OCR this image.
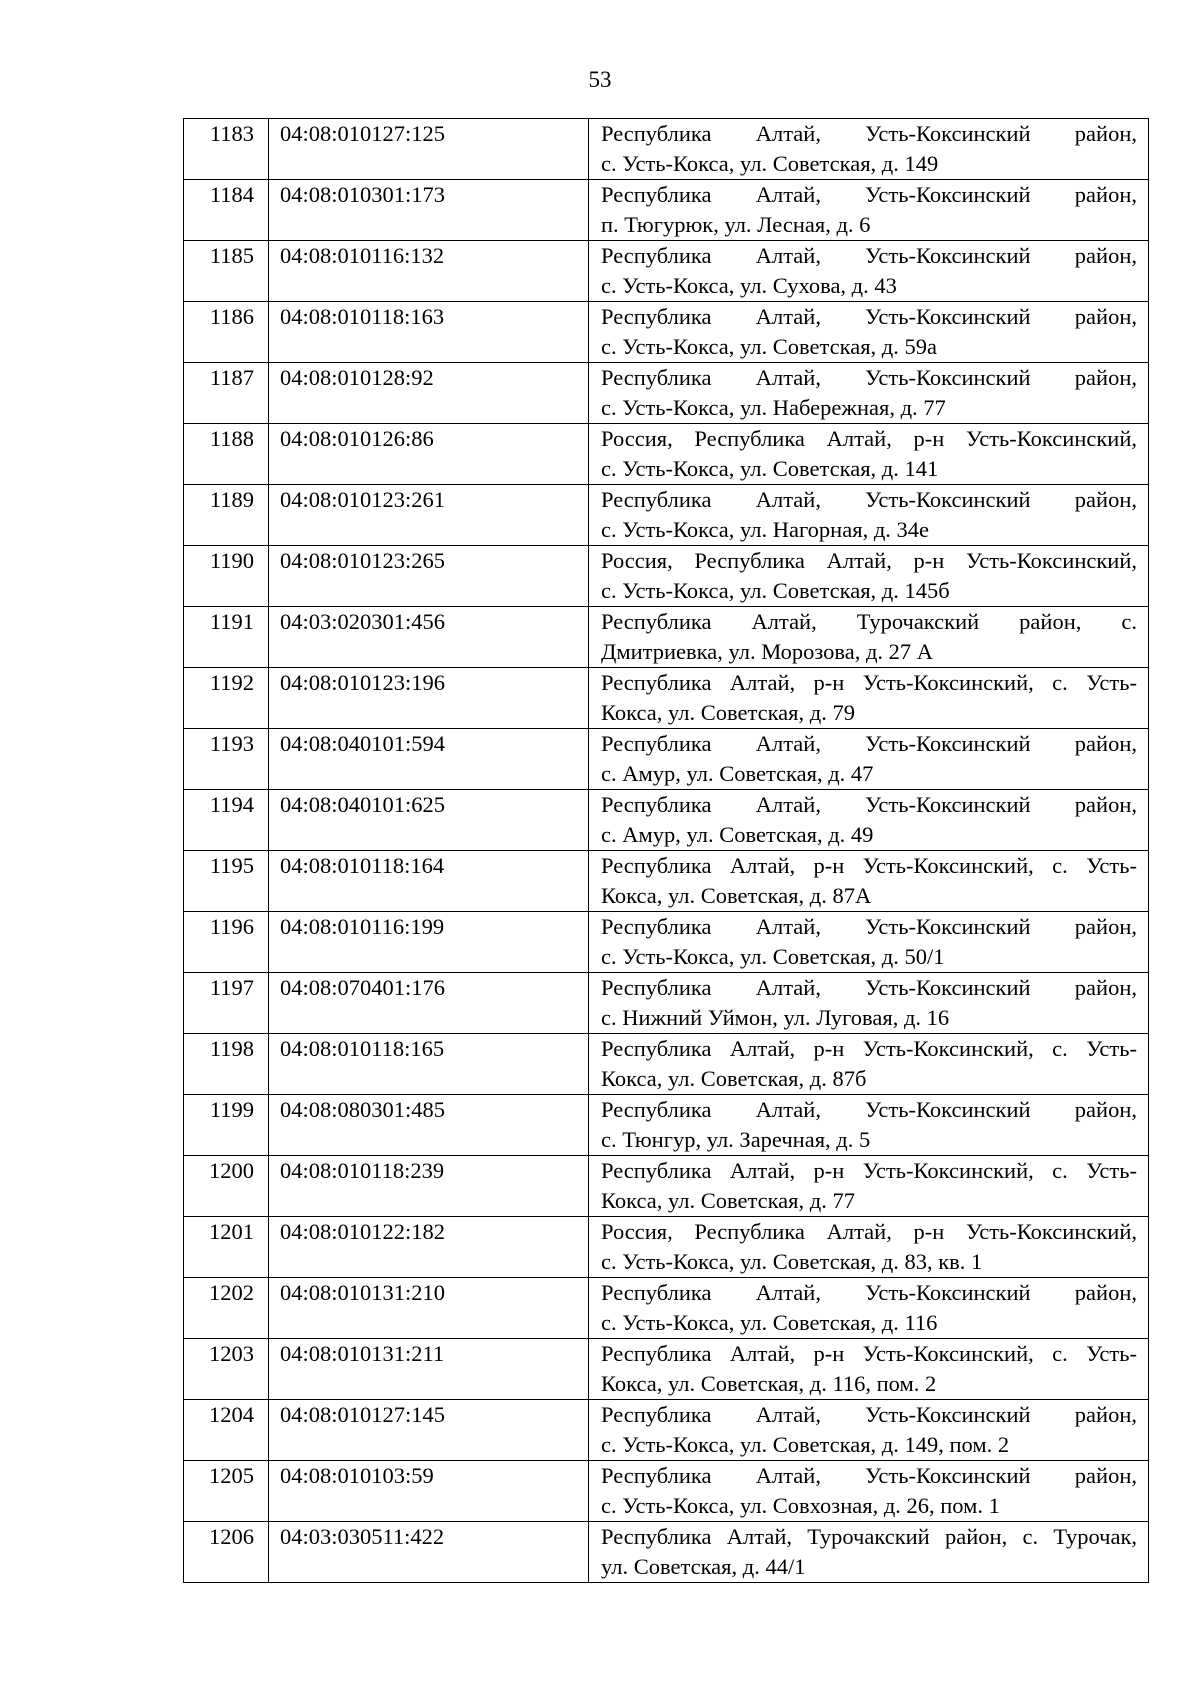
53
1183	04:08:010127:125	Республика Алтай, Усть-Коксинский район,
с. Усть-Кокса, ул. Советская, д. 149

1184	04:08:010301:173	Республика Алтай, Усть-Коксинский район,
п. Тюгурюк, ул. Лесная, д. 6

1185	04:08:010116:132	Республика Алтай, Усть-Коксинский район,
с. Усть-Кокса, ул. Сухова, д. 43

1186	04:08:010118:163	Республика Алтай, Усть-Коксинский район,
с. Усть-Кокса, ул. Советская, д. 59а

1187	04:08:010128:92	Республика Алтай, Усть-Коксинский район,
с. Усть-Кокса, ул. Набережная, д. 77

1188	04:08:010126:86	Россия, Республика Алтай, р-н Усть-Коксинский,
с. Усть-Кокса, ул. Советская, д. 141

1189	04:08:010123:261	Республика Алтай, Усть-Коксинский район,
с. Усть-Кокса, ул. Нагорная, д. 34е

1190	04:08:010123:265	Россия, Республика Алтай, р-н Усть-Коксинский,
с. Усть-Кокса, ул. Советская, д. 145б

1191	04:03:020301:456	Республика Алтай, Турочакский район, с.
Дмитриевка, ул. Морозова, д. 27 А

1192	04:08:010123:196	Республика Алтай, р-н Усть-Коксинский, с. Усть-
Кокса, ул. Советская, д. 79

1193	04:08:040101:594	Республика Алтай, Усть-Коксинский район,
с. Амур, ул. Советская, д. 47

1194	04:08:040101:625	Республика Алтай, Усть-Коксинский район,
с. Амур, ул. Советская, д. 49

1195	04:08:010118:164	Республика Алтай, р-н Усть-Коксинский, с. Усть-
Кокса, ул. Советская, д. 87А

1196	04:08:010116:199	Республика Алтай, Усть-Коксинский район,
с. Усть-Кокса, ул. Советская, д. 50/1

1197	04:08:070401:176	Республика Алтай, Усть-Коксинский район,
с. Нижний Уймон, ул. Луговая, д. 16

1198	04:08:010118:165	Республика Алтай, р-н Усть-Коксинский, с. Усть-
Кокса, ул. Советская, д. 87б

1199	04:08:080301:485	Республика Алтай, Усть-Коксинский район,
с. Тюнгур, ул. Заречная, д. 5

1200	04:08:010118:239	Республика Алтай, р-н Усть-Коксинский, с. Усть-
Кокса, ул. Советская, д. 77

1201	04:08:010122:182	Россия, Республика Алтай, р-н Усть-Коксинский,
с. Усть-Кокса, ул. Советская, д. 83, кв. 1

1202	04:08:010131:210	Республика Алтай, Усть-Коксинский район,
с. Усть-Кокса, ул. Советская, д. 116

1203	04:08:010131:211	Республика Алтай, р-н Усть-Коксинский, с. Усть-
Кокса, ул. Советская, д. 116, пом. 2

1204	04:08:010127:145	Республика Алтай, Усть-Коксинский район,
с. Усть-Кокса, ул. Советская, д. 149, пом. 2

1205	04:08:010103:59	Республика Алтай, Усть-Коксинский район,
с. Усть-Кокса, ул. Совхозная, д. 26, пом. 1

1206	04:03:030511:422	Республика Алтай, Турочакский район, с. Турочак,
ул. Советская, д. 44/1
